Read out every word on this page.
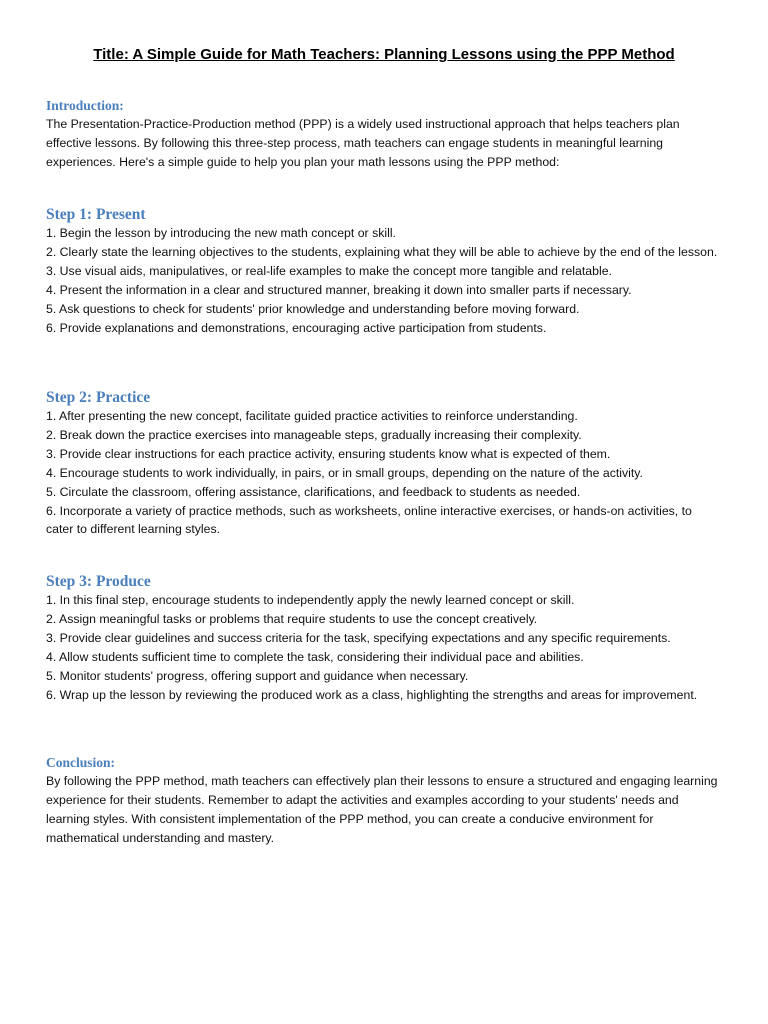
Title: A Simple Guide for Math Teachers: Planning Lessons using the PPP Method
Introduction:

The Presentation-Practice-Production method (PPP) is a widely used instructional approach that helps teachers plan effective lessons. By following this three-step process, math teachers can engage students in meaningful learning experiences. Here's a simple guide to help you plan your math lessons using the PPP method:

Step 1: Present
1. Begin the lesson by introducing the new math concept or skill.
2. Clearly state the learning objectives to the students, explaining what they will be able to achieve by the end of the lesson.
3. Use visual aids, manipulatives, or real-life examples to make the concept more tangible and relatable.
4. Present the information in a clear and structured manner, breaking it down into smaller parts if necessary.
5. Ask questions to check for students' prior knowledge and understanding before moving forward.
6. Provide explanations and demonstrations, encouraging active participation from students.
Step 2: Practice
1. After presenting the new concept, facilitate guided practice activities to reinforce understanding.
2. Break down the practice exercises into manageable steps, gradually increasing their complexity.
3. Provide clear instructions for each practice activity, ensuring students know what is expected of them.
4. Encourage students to work individually, in pairs, or in small groups, depending on the nature of the activity.
5. Circulate the classroom, offering assistance, clarifications, and feedback to students as needed.
6. Incorporate a variety of practice methods, such as worksheets, online interactive exercises, or hands-on activities, to cater to different learning styles.
Step 3: Produce
1. In this final step, encourage students to independently apply the newly learned concept or skill.
2. Assign meaningful tasks or problems that require students to use the concept creatively.
3. Provide clear guidelines and success criteria for the task, specifying expectations and any specific requirements.
4. Allow students sufficient time to complete the task, considering their individual pace and abilities.
5. Monitor students' progress, offering support and guidance when necessary.
6. Wrap up the lesson by reviewing the produced work as a class, highlighting the strengths and areas for improvement.
Conclusion:

By following the PPP method, math teachers can effectively plan their lessons to ensure a structured and engaging learning experience for their students. Remember to adapt the activities and examples according to your students' needs and learning styles. With consistent implementation of the PPP method, you can create a conducive environment for mathematical understanding and mastery.
